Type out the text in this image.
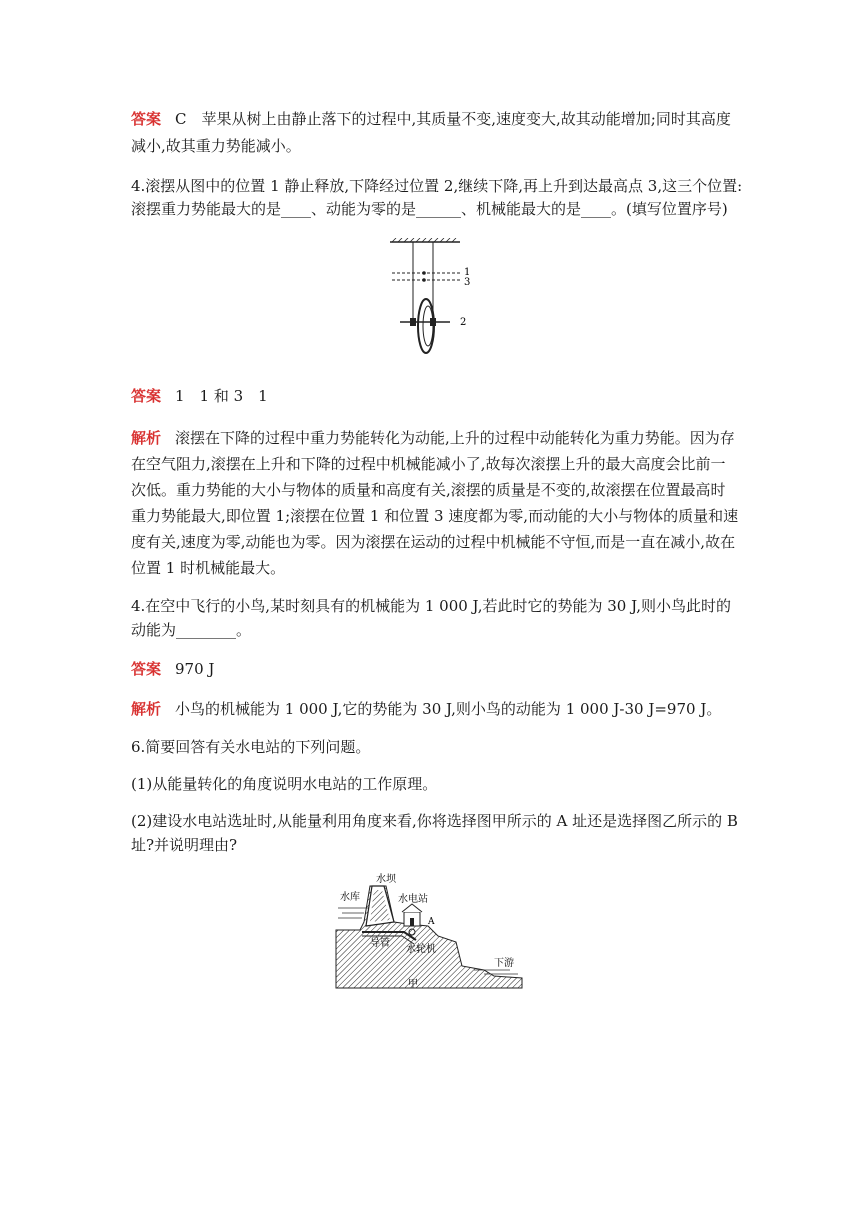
答案 C　苹果从树上由静止落下的过程中,其质量不变,速度变大,故其动能增加;同时其高度
减小,故其重力势能减小。
4.滚摆从图中的位置 1 静止释放,下降经过位置 2,继续下降,再上升到达最高点 3,这三个位置:
滚摆重力势能最大的是____、动能为零的是______、机械能最大的是____。(填写位置序号)
1
3
2
答案 1　1 和 3　1
解析 滚摆在下降的过程中重力势能转化为动能,上升的过程中动能转化为重力势能。因为存
在空气阻力,滚摆在上升和下降的过程中机械能减小了,故每次滚摆上升的最大高度会比前一
次低。重力势能的大小与物体的质量和高度有关,滚摆的质量是不变的,故滚摆在位置最高时
重力势能最大,即位置 1;滚摆在位置 1 和位置 3 速度都为零,而动能的大小与物体的质量和速
度有关,速度为零,动能也为零。因为滚摆在运动的过程中机械能不守恒,而是一直在减小,故在
位置 1 时机械能最大。
4.在空中飞行的小鸟,某时刻具有的机械能为 1 000 J,若此时它的势能为 30 J,则小鸟此时的
动能为________。
答案 970 J
解析 小鸟的机械能为 1 000 J,它的势能为 30 J,则小鸟的动能为 1 000 J-30 J=970 J。
6.简要回答有关水电站的下列问题。
(1)从能量转化的角度说明水电站的工作原理。
(2)建设水电站选址时,从能量利用角度来看,你将选择图甲所示的 A 址还是选择图乙所示的 B
址?并说明理由?
水坝
水库	水电站
A
导管
水轮机
下游
甲
